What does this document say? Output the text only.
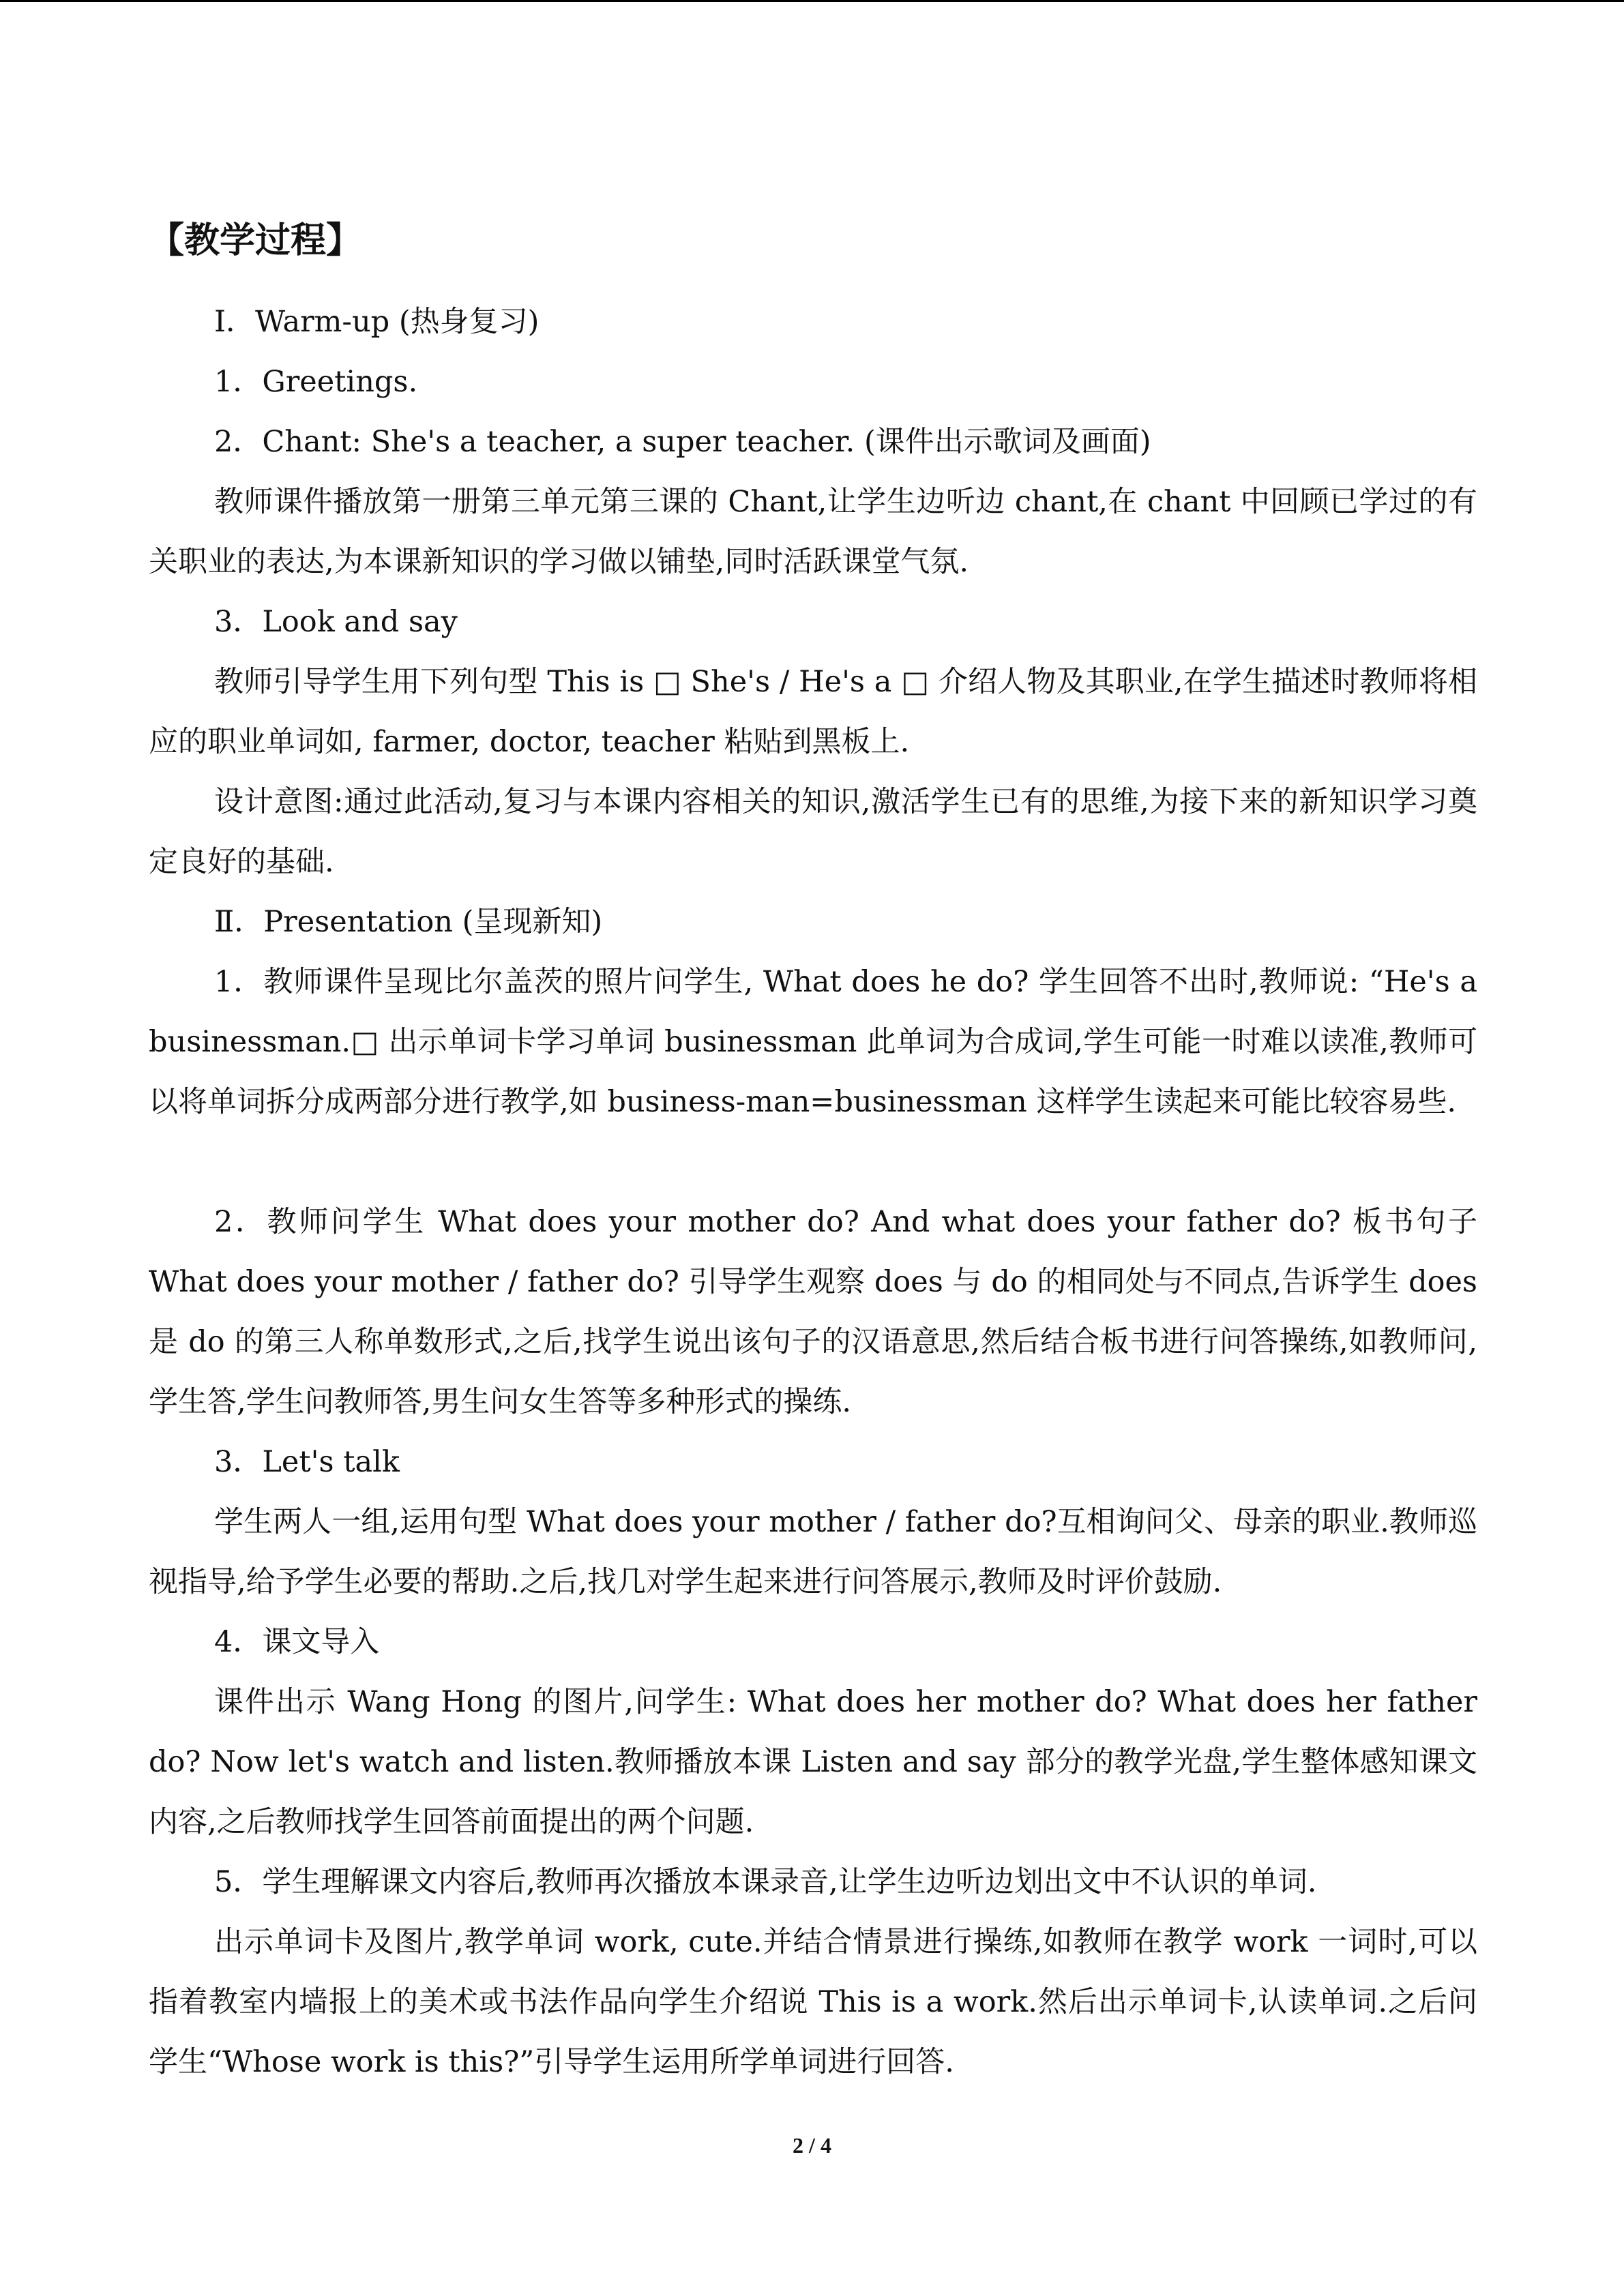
【教学过程】
Ⅰ．Warm-up (热身复习)
1．Greetings.
2．Chant: She's a teacher, a super teacher. (课件出示歌词及画面)
教师课件播放第一册第三单元第三课的 Chant,让学生边听边 chant,在 chant 中回顾已学过的有关职业的表达,为本课新知识的学习做以铺垫,同时活跃课堂气氛.
3．Look and say
教师引导学生用下列句型 This is □ She's / He's a □ 介绍人物及其职业,在学生描述时教师将相应的职业单词如, farmer, doctor, teacher 粘贴到黑板上.
设计意图:通过此活动,复习与本课内容相关的知识,激活学生已有的思维,为接下来的新知识学习奠定良好的基础.
Ⅱ．Presentation (呈现新知)
1．教师课件呈现比尔盖茨的照片问学生, What does he do? 学生回答不出时,教师说: “He's a businessman.□ 出示单词卡学习单词 businessman 此单词为合成词,学生可能一时难以读准,教师可以将单词拆分成两部分进行教学,如 business-man=businessman 这样学生读起来可能比较容易些.
2．教师问学生 What does your mother do? And what does your father do? 板书句子 What does your mother / father do? 引导学生观察 does 与 do 的相同处与不同点,告诉学生 does 是 do 的第三人称单数形式,之后,找学生说出该句子的汉语意思,然后结合板书进行问答操练,如教师问,学生答,学生问教师答,男生问女生答等多种形式的操练.
3．Let's talk
学生两人一组,运用句型 What does your mother / father do?互相询问父、母亲的职业.教师巡视指导,给予学生必要的帮助.之后,找几对学生起来进行问答展示,教师及时评价鼓励.
4．课文导入
课件出示 Wang Hong 的图片,问学生: What does her mother do? What does her father do? Now let's watch and listen.教师播放本课 Listen and say 部分的教学光盘,学生整体感知课文内容,之后教师找学生回答前面提出的两个问题.
5．学生理解课文内容后,教师再次播放本课录音,让学生边听边划出文中不认识的单词.
出示单词卡及图片,教学单词 work, cute.并结合情景进行操练,如教师在教学 work 一词时,可以指着教室内墙报上的美术或书法作品向学生介绍说 This is a work.然后出示单词卡,认读单词.之后问学生“Whose work is this?”引导学生运用所学单词进行回答.
2 / 4
